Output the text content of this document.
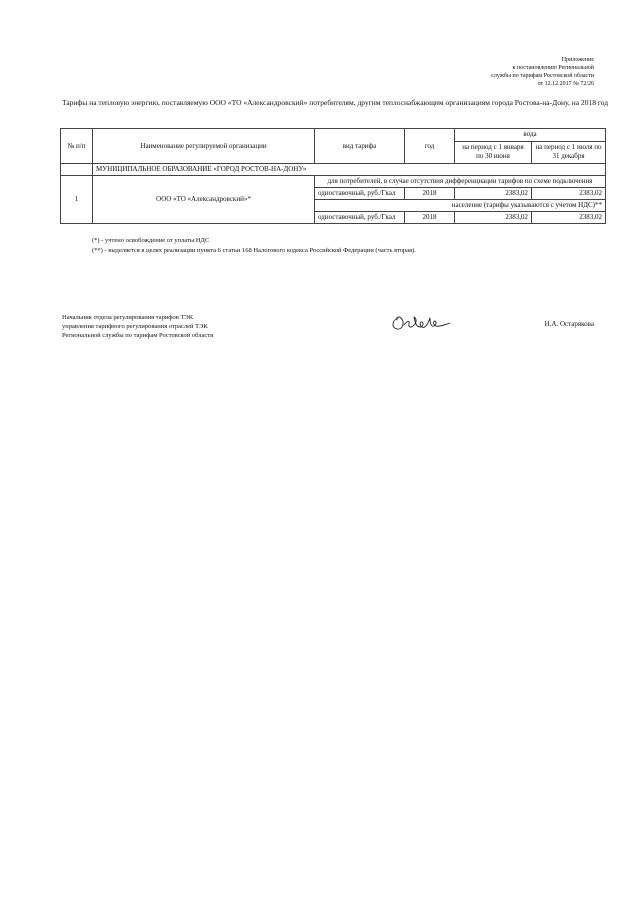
Приложение
к постановлению Региональной
службы по тарифам Ростовской области
от 12.12.2017 № 72/26
Тарифы на тепловую энергию, поставляемую ООО «ТО «Александровский» потребителям, другим теплоснабжающим организациям города Ростова-на-Дону, на 2018 год
№ п/п	Наименование регулируемой организации	вид тарифа	год	вода	
				на период с 1 января по 30 июня	на период с 1 июля по 31 декабря
	МУНИЦИПАЛЬНОЕ ОБРАЗОВАНИЕ «ГОРОД РОСТОВ-НА-ДОНУ»				
1	ООО «ТО «Александровский»*	для потребителей, в случае отсутствия дифференциации тарифов по схеме подключения			
		одноставочный, руб./Гкал	2018	2383,02	2383,02
		население (тарифы указываются с учетом НДС)**			
		одноставочный, руб./Гкал	2018	2383,02	2383,02
(*) - учтено освобождение от уплаты НДС
(**) - выделяется в целях реализации пункта 6 статьи 168 Налогового кодекса Российской Федерации (часть вторая).
Начальник отдела регулирования тарифов ТЭК
управления тарифного регулирования отраслей ТЭК
Региональной службы по тарифам Ростовской области
Н.А. Остарякова
